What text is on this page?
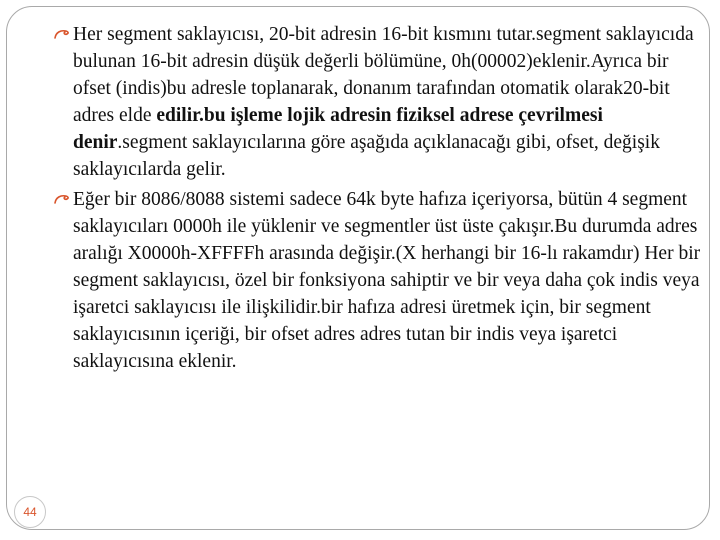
Her segment saklayıcısı, 20-bit adresin 16-bit kısmını tutar.segment saklayıcıda bulunan 16-bit adresin düşük değerli bölümüne, 0h(00002)eklenir.Ayrıca bir ofset (indis)bu adresle toplanarak, donanım tarafından otomatik olarak20-bit adres elde edilir.bu işleme lojik adresin fiziksel adrese çevrilmesi denir.segment saklayıcılarına göre aşağıda açıklanacağı gibi, ofset, değişik saklayıcılarda gelir.

Eğer bir 8086/8088 sistemi sadece 64k byte hafıza içeriyorsa, bütün 4 segment saklayıcıları 0000h ile yüklenir ve segmentler üst üste çakışır.Bu durumda adres aralığı X0000h-XFFFFh arasında değişir.(X herhangi bir 16-lı rakamdır) Her bir segment saklayıcısı, özel bir fonksiyona sahiptir ve bir veya daha çok indis veya işaretci saklayıcısı ile ilişkilidir.bir hafıza adresi üretmek için, bir segment saklayıcısının içeriği, bir ofset adres adres tutan bir indis veya işaretci saklayıcısına eklenir.

44
